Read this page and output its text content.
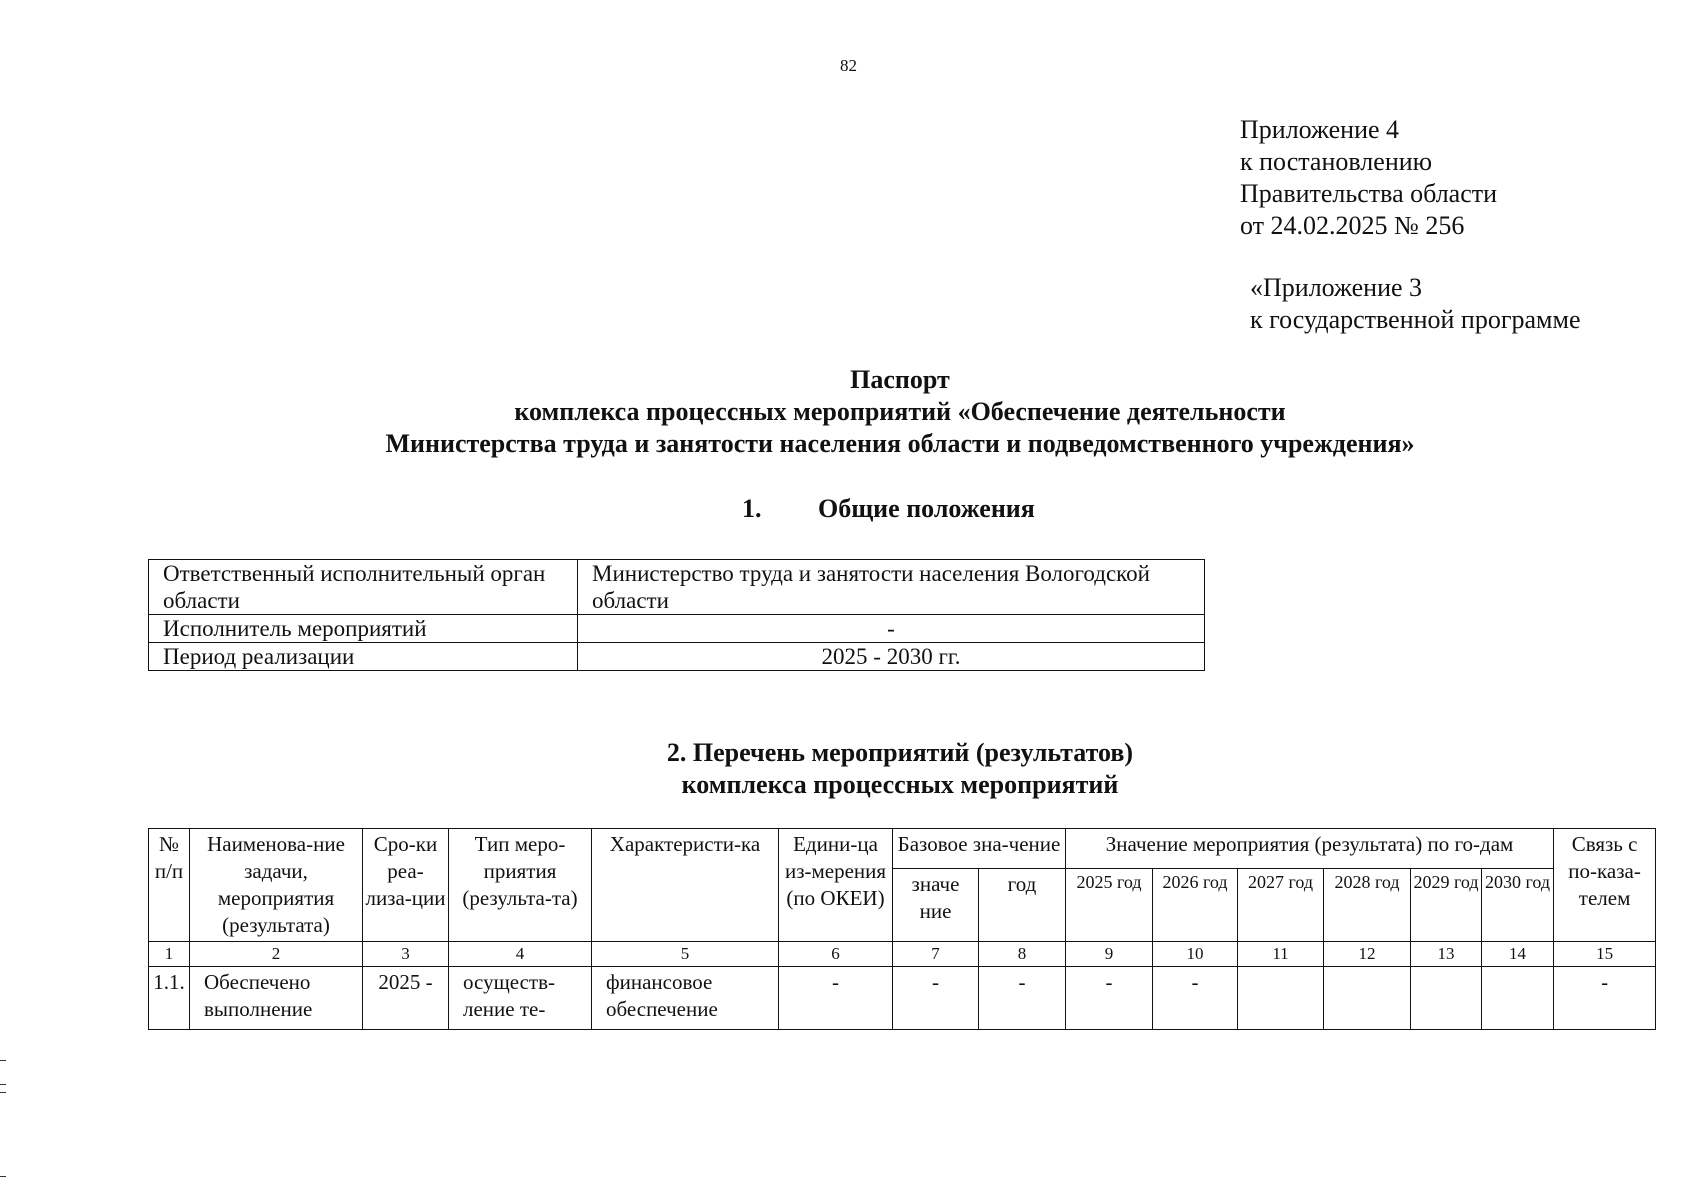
82
Приложение 4
к постановлению
Правительства области
от 24.02.2025 № 256
«Приложение 3
к государственной программе
Паспорт
комплекса процессных мероприятий «Обеспечение деятельности
Министерства труда и занятости населения области и подведомственного учреждения»
1. Общие положения
Ответственный исполнительный орган области	Министерство труда и занятости населения Вологодской области
Исполнитель мероприятий	-
Период реализации	2025 - 2030 гг.
2. Перечень мероприятий (результатов)
комплекса процессных мероприятий
№ п/п	Наименова-ние задачи, мероприятия (результата)	Сро-ки реа-лиза-ции	Тип меро-приятия (результа-та)	Характеристи-ка	Едини-ца из-мерения (по ОКЕИ)	Базовое зна-чение		Значение мероприятия (результата) по го-дам						Связь с по-каза-телем
						значе ние	год	2025 год	2026 год	2027 год	2028 год	2029 год	2030 год	
1	2	3	4	5	6	7	8	9	10	11	12	13	14	15
1.1.	Обеспечено выполнение	2025 -	осуществ-ление те-	финансовое обеспечение	-	-	-	-	-					-
